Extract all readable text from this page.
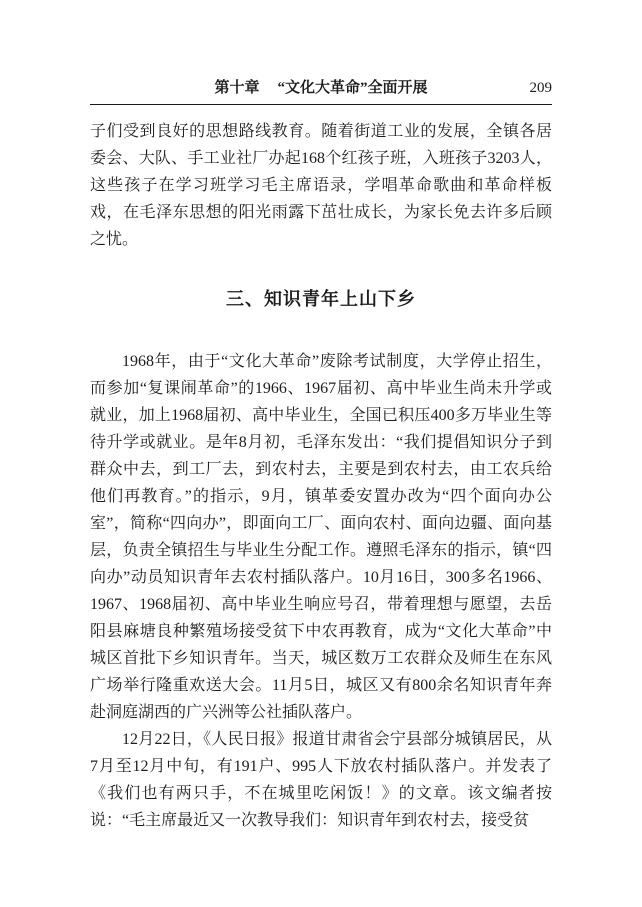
第十章 “文化大革命”全面开展	209

子们受到良好的思想路线教育。随着街道工业的发展，全镇各居委会、大队、手工业社厂办起168个红孩子班，入班孩子3203人，这些孩子在学习班学习毛主席语录，学唱革命歌曲和革命样板戏，在毛泽东思想的阳光雨露下茁壮成长，为家长免去许多后顾之忧。

三、知识青年上山下乡

1968年，由于“文化大革命”废除考试制度，大学停止招生，而参加“复课闹革命”的1966、1967届初、高中毕业生尚未升学或就业，加上1968届初、高中毕业生，全国已积压400多万毕业生等待升学或就业。是年8月初，毛泽东发出：“我们提倡知识分子到群众中去，到工厂去，到农村去，主要是到农村去，由工农兵给他们再教育。”的指示，9月，镇革委安置办改为“四个面向办公室”，简称“四向办”，即面向工厂、面向农村、面向边疆、面向基层，负责全镇招生与毕业生分配工作。遵照毛泽东的指示，镇“四向办”动员知识青年去农村插队落户。10月16日，300多名1966、1967、1968届初、高中毕业生响应号召，带着理想与愿望，去岳阳县麻塘良种繁殖场接受贫下中农再教育，成为“文化大革命”中城区首批下乡知识青年。当天，城区数万工农群众及师生在东风广场举行隆重欢送大会。11月5日，城区又有800余名知识青年奔赴洞庭湖西的广兴洲等公社插队落户。

12月22日，《人民日报》报道甘肃省会宁县部分城镇居民，从7月至12月中旬，有191户、995人下放农村插队落户。并发表了《我们也有两只手，不在城里吃闲饭！》的文章。该文编者按说：“毛主席最近又一次教导我们：知识青年到农村去，接受贫
